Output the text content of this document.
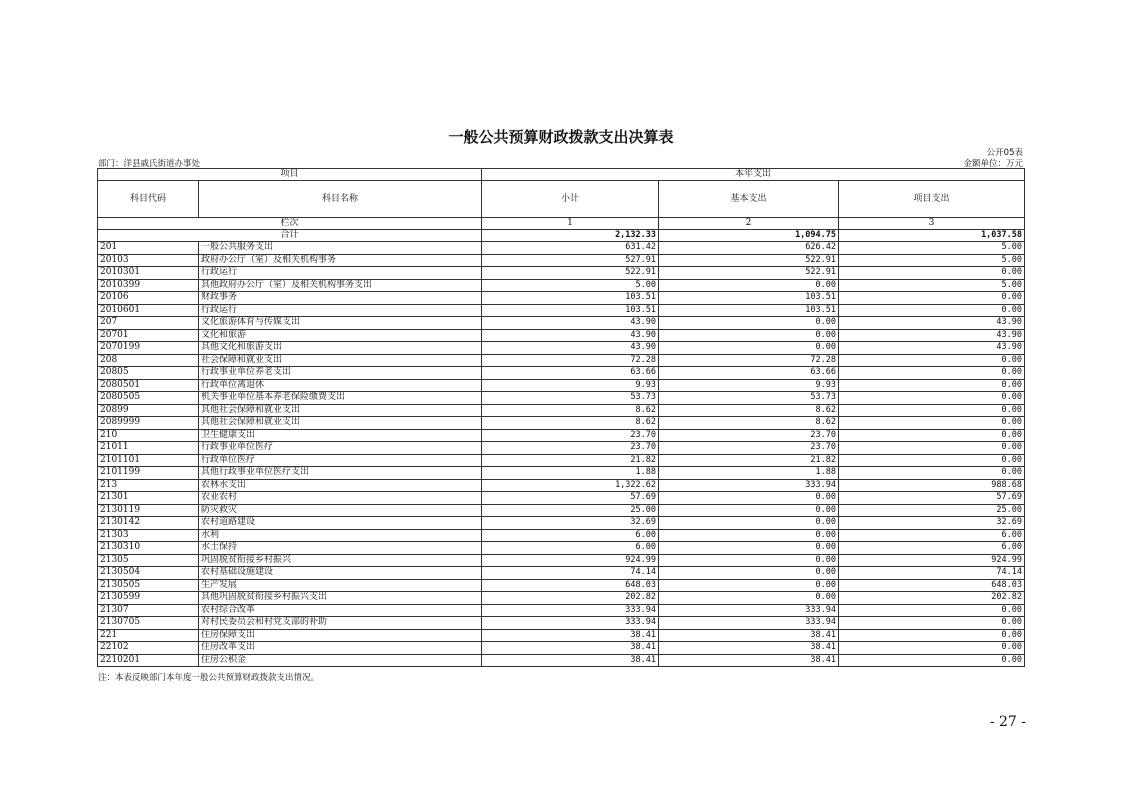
一般公共预算财政拨款支出决算表
公开05表
部门：洋县戚氏街道办事处	金额单位：万元
项目		本年支出		
科目代码	科目名称	小计	基本支出	项目支出
栏次		1	2	3
合计		2,132.33	1,094.75	1,037.58
201	一般公共服务支出	631.42	626.42	5.00
20103	政府办公厅（室）及相关机构事务	527.91	522.91	5.00
2010301	行政运行	522.91	522.91	0.00
2010399	其他政府办公厅（室）及相关机构事务支出	5.00	0.00	5.00
20106	财政事务	103.51	103.51	0.00
2010601	行政运行	103.51	103.51	0.00
207	文化旅游体育与传媒支出	43.90	0.00	43.90
20701	文化和旅游	43.90	0.00	43.90
2070199	其他文化和旅游支出	43.90	0.00	43.90
208	社会保障和就业支出	72.28	72.28	0.00
20805	行政事业单位养老支出	63.66	63.66	0.00
2080501	行政单位离退休	9.93	9.93	0.00
2080505	机关事业单位基本养老保险缴费支出	53.73	53.73	0.00
20899	其他社会保障和就业支出	8.62	8.62	0.00
2089999	其他社会保障和就业支出	8.62	8.62	0.00
210	卫生健康支出	23.70	23.70	0.00
21011	行政事业单位医疗	23.70	23.70	0.00
2101101	行政单位医疗	21.82	21.82	0.00
2101199	其他行政事业单位医疗支出	1.88	1.88	0.00
213	农林水支出	1,322.62	333.94	988.68
21301	农业农村	57.69	0.00	57.69
2130119	防灾救灾	25.00	0.00	25.00
2130142	农村道路建设	32.69	0.00	32.69
21303	水利	6.00	0.00	6.00
2130310	水土保持	6.00	0.00	6.00
21305	巩固脱贫衔接乡村振兴	924.99	0.00	924.99
2130504	农村基础设施建设	74.14	0.00	74.14
2130505	生产发展	648.03	0.00	648.03
2130599	其他巩固脱贫衔接乡村振兴支出	202.82	0.00	202.82
21307	农村综合改革	333.94	333.94	0.00
2130705	对村民委员会和村党支部的补助	333.94	333.94	0.00
221	住房保障支出	38.41	38.41	0.00
22102	住房改革支出	38.41	38.41	0.00
2210201	住房公积金	38.41	38.41	0.00
注：本表反映部门本年度一般公共预算财政拨款支出情况。
- 27 -
